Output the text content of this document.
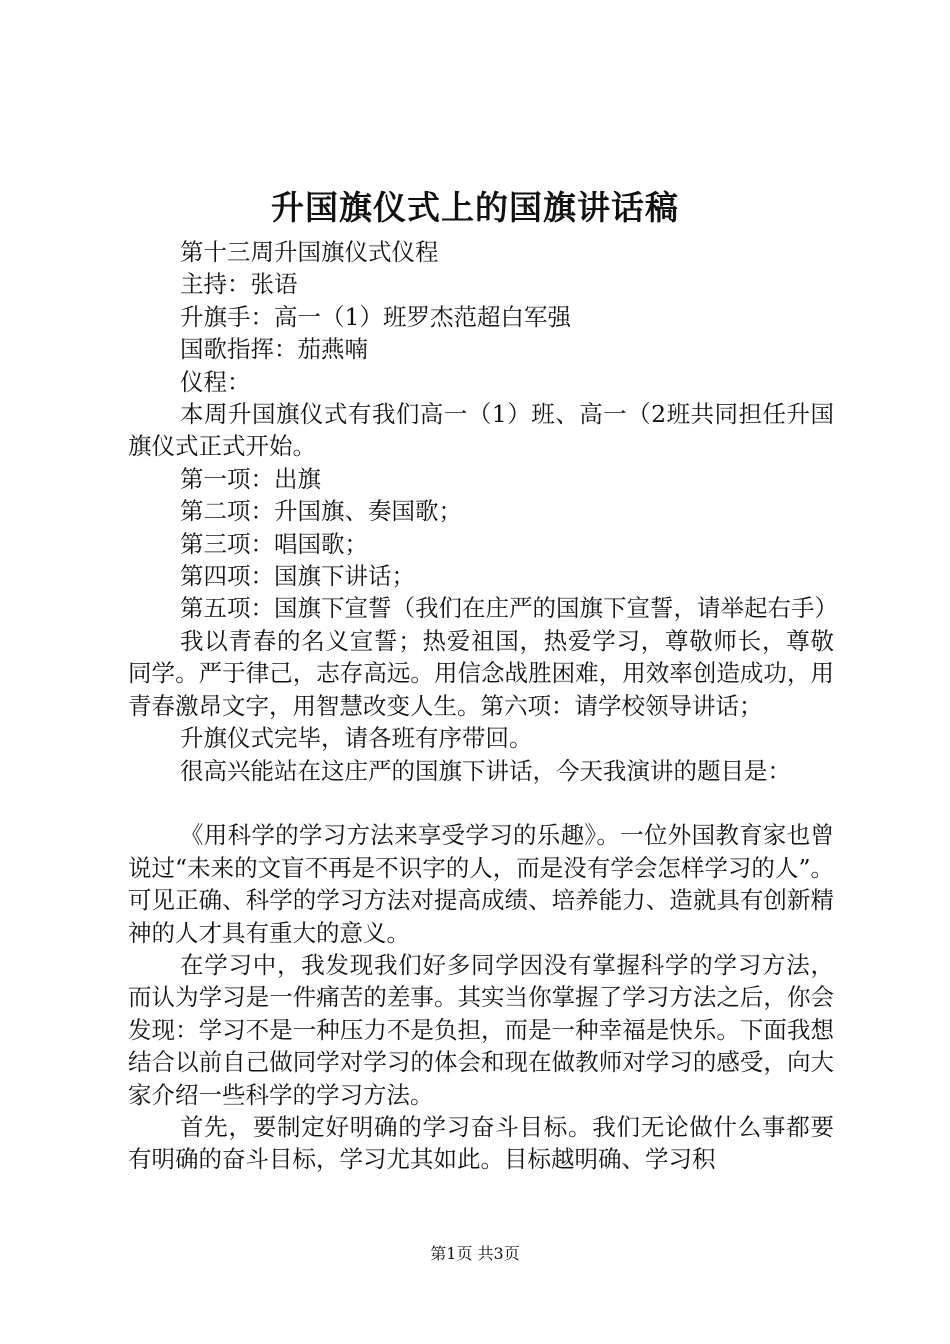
升国旗仪式上的国旗讲话稿

第十三周升国旗仪式仪程

主持：张语

升旗手：高一（1）班罗杰范超白军强

国歌指挥：茄燕喃

仪程：

本周升国旗仪式有我们高一（1）班、高一（2班共同担任升国旗仪式正式开始。

第一项：出旗

第二项：升国旗、奏国歌；

第三项：唱国歌；

第四项：国旗下讲话；

第五项：国旗下宣誓（我们在庄严的国旗下宣誓，请举起右手）

我以青春的名义宣誓；热爱祖国，热爱学习，尊敬师长，尊敬同学。严于律己，志存高远。用信念战胜困难，用效率创造成功，用青春激昂文字，用智慧改变人生。第六项：请学校领导讲话；

升旗仪式完毕，请各班有序带回。

很高兴能站在这庄严的国旗下讲话，今天我演讲的题目是：

《用科学的学习方法来享受学习的乐趣》。一位外国教育家也曾说过“未来的文盲不再是不识字的人，而是没有学会怎样学习的人”。可见正确、科学的学习方法对提高成绩、培养能力、造就具有创新精神的人才具有重大的意义。

在学习中，我发现我们好多同学因没有掌握科学的学习方法，而认为学习是一件痛苦的差事。其实当你掌握了学习方法之后，你会发现：学习不是一种压力不是负担，而是一种幸福是快乐。下面我想结合以前自己做同学对学习的体会和现在做教师对学习的感受，向大家介绍一些科学的学习方法。

首先，要制定好明确的学习奋斗目标。我们无论做什么事都要有明确的奋斗目标，学习尤其如此。目标越明确、学习积

第1页 共3页
